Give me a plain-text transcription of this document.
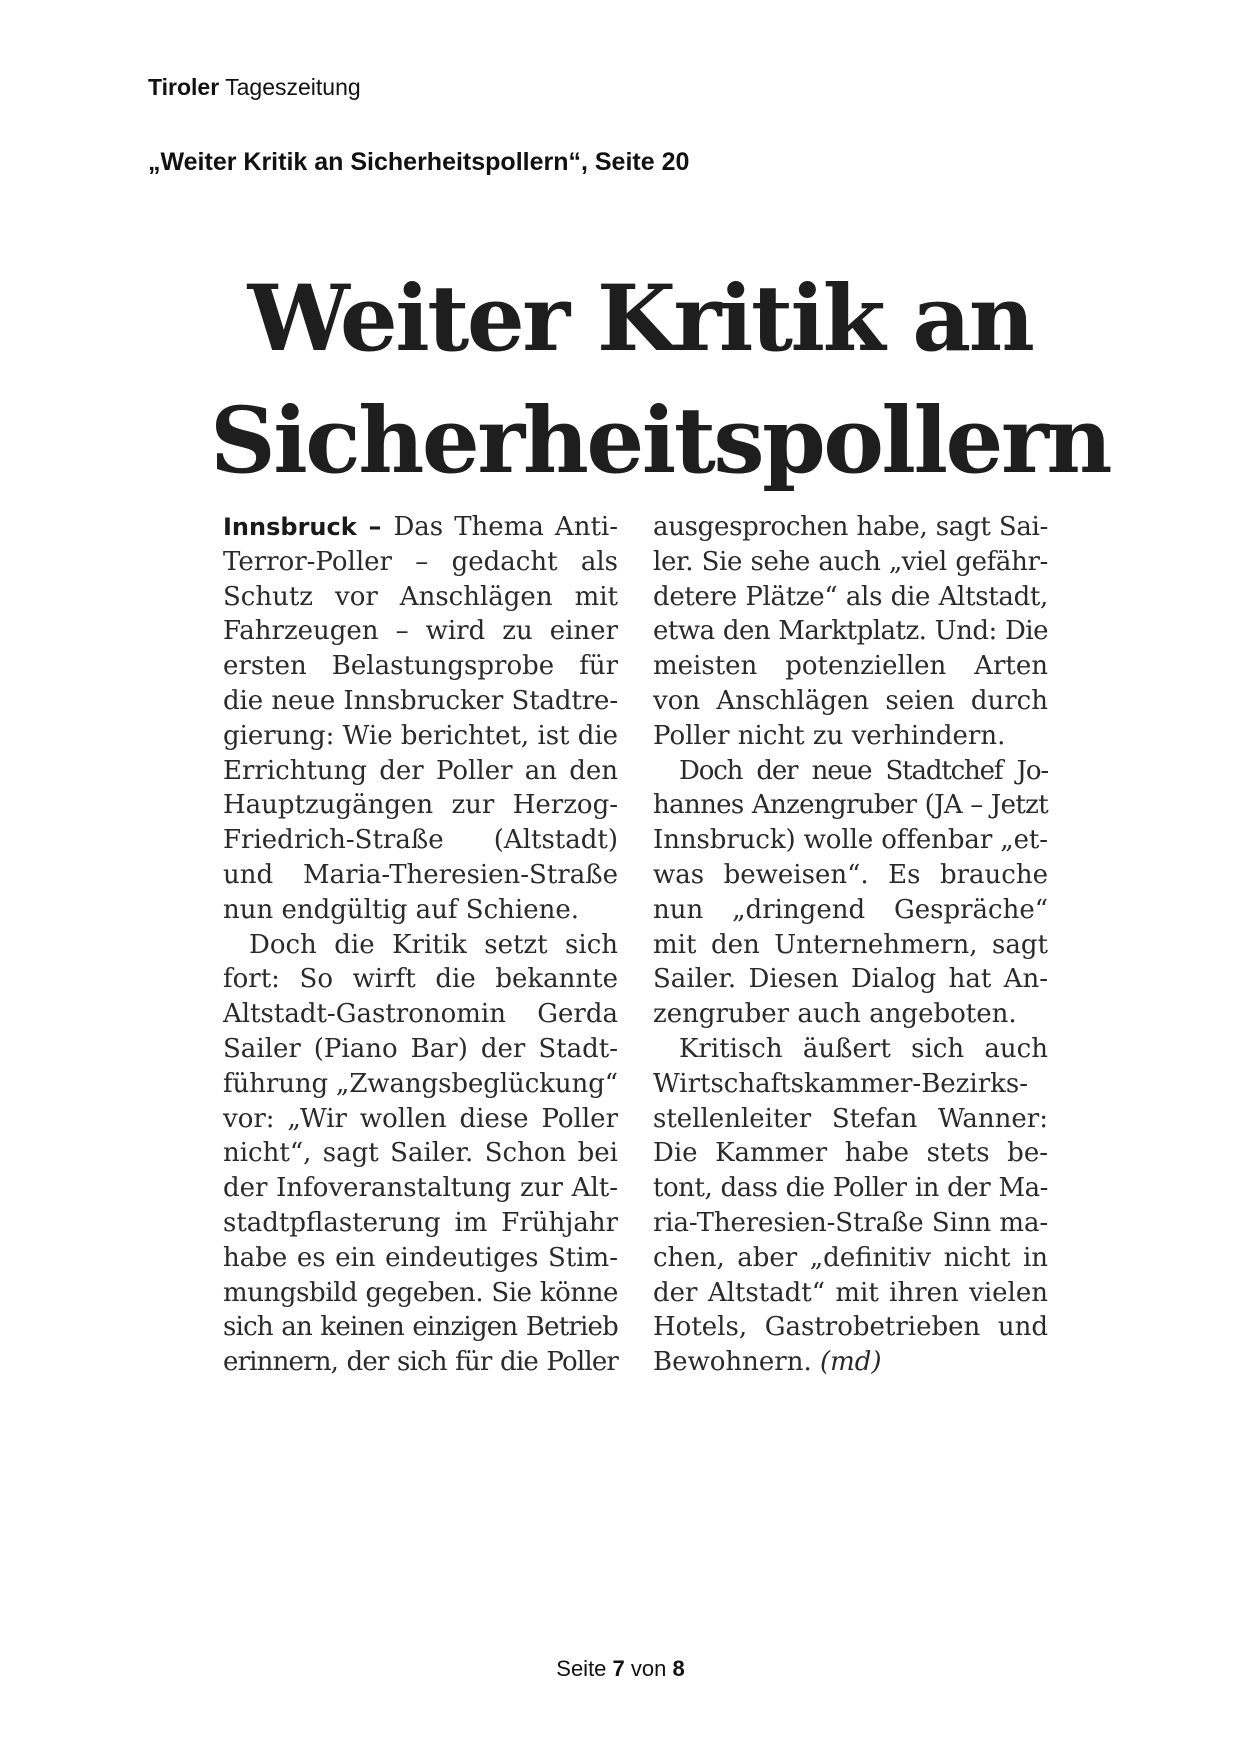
Tiroler Tageszeitung
„Weiter Kritik an Sicherheitspollern“, Seite 20
Weiter Kritik an
Sicherheitspollern
Innsbruck – Das Thema Anti-
Terror-Poller – gedacht als
Schutz vor Anschlägen mit
Fahrzeugen – wird zu einer
ersten Belastungsprobe für
die neue Innsbrucker Stadtre-
gierung: Wie berichtet, ist die
Errichtung der Poller an den
Hauptzugängen zur Herzog-
Friedrich-Straße (Altstadt)
und Maria-Theresien-Straße
nun endgültig auf Schiene.
Doch die Kritik setzt sich
fort: So wirft die bekannte
Altstadt-Gastronomin Gerda
Sailer (Piano Bar) der Stadt-
führung „Zwangsbeglückung“
vor: „Wir wollen diese Poller
nicht“, sagt Sailer. Schon bei
der Infoveranstaltung zur Alt-
stadtpflasterung im Frühjahr
habe es ein eindeutiges Stim-
mungsbild gegeben. Sie könne
sich an keinen einzigen Betrieb
erinnern, der sich für die Poller
ausgesprochen habe, sagt Sai-
ler. Sie sehe auch „viel gefähr-
detere Plätze“ als die Altstadt,
etwa den Marktplatz. Und: Die
meisten potenziellen Arten
von Anschlägen seien durch
Poller nicht zu verhindern.
Doch der neue Stadtchef Jo-
hannes Anzengruber (JA – Jetzt
Innsbruck) wolle offenbar „et-
was beweisen“. Es brauche
nun „dringend Gespräche“
mit den Unternehmern, sagt
Sailer. Diesen Dialog hat An-
zengruber auch angeboten.
Kritisch äußert sich auch
Wirtschaftskammer-Bezirks-
stellenleiter Stefan Wanner:
Die Kammer habe stets be-
tont, dass die Poller in der Ma-
ria-Theresien-Straße Sinn ma-
chen, aber „definitiv nicht in
der Altstadt“ mit ihren vielen
Hotels, Gastrobetrieben und
Bewohnern. (md)
Seite 7 von 8
